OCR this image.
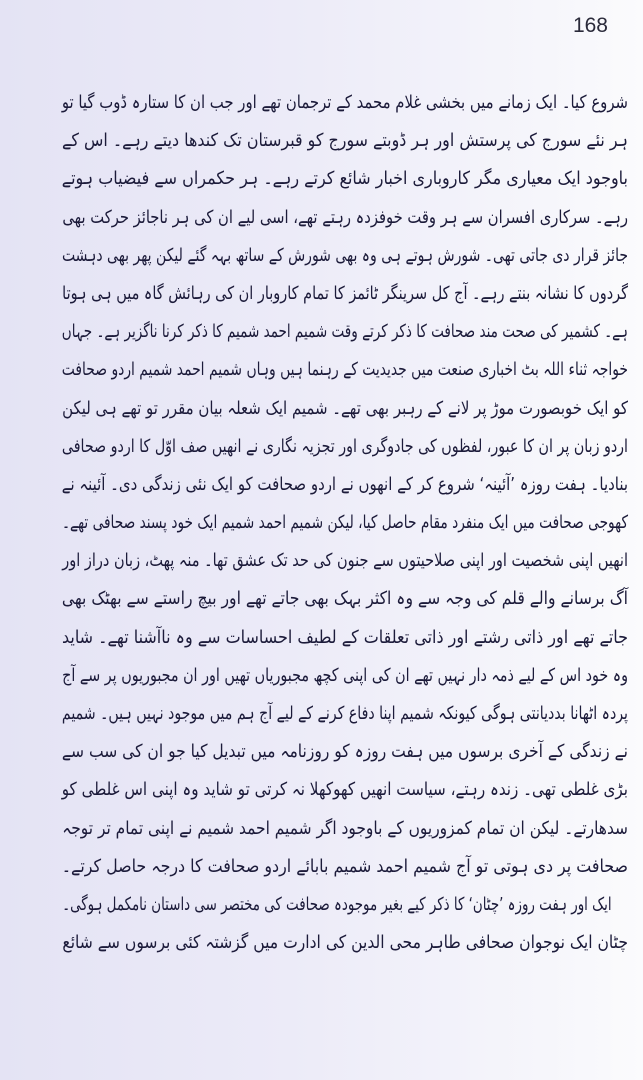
168
شروع کیا۔ ایک زمانے میں بخشی غلام محمد کے ترجمان تھے اور جب ان کا ستارہ ڈوب گیا تو
ہر نئے سورج کی پرستش اور ہر ڈوبتے سورج کو قبرستان تک کندھا دیتے رہے۔ اس کے
باوجود ایک معیاری مگر کاروباری اخبار شائع کرتے رہے۔ ہر حکمراں سے فیضیاب ہوتے
رہے۔ سرکاری افسران سے ہر وقت خوفزدہ رہتے تھے، اسی لیے ان کی ہر ناجائز حرکت بھی
جائز قرار دی جاتی تھی۔ شورش ہوتے ہی وہ بھی شورش کے ساتھ بہہ گئے لیکن پھر بھی دہشت
گردوں کا نشانہ بنتے رہے۔ آج کل سرینگر ٹائمز کا تمام کاروبار ان کی رہائش گاہ میں ہی ہوتا
ہے۔ کشمیر کی صحت مند صحافت کا ذکر کرتے وقت شمیم احمد شمیم کا ذکر کرنا ناگزیر ہے۔ جہاں
خواجہ ثناء اللہ بٹ اخباری صنعت میں جدیدیت کے رہنما ہیں وہاں شمیم احمد شمیم اردو صحافت
کو ایک خوبصورت موڑ پر لانے کے رہبر بھی تھے۔ شمیم ایک شعلہ بیان مقرر تو تھے ہی لیکن
اردو زبان پر ان کا عبور، لفظوں کی جادوگری اور تجزیہ نگاری نے انھیں صف اوّل کا اردو صحافی
بنادیا۔ ہفت روزہ ’آئینہ‘ شروع کر کے انھوں نے اردو صحافت کو ایک نئی زندگی دی۔ آئینہ نے
کھوجی صحافت میں ایک منفرد مقام حاصل کیا، لیکن شمیم احمد شمیم ایک خود پسند صحافی تھے۔
انھیں اپنی شخصیت اور اپنی صلاحیتوں سے جنون کی حد تک عشق تھا۔ منہ پھٹ، زبان دراز اور
آگ برسانے والے قلم کی وجہ سے وہ اکثر بہک بھی جاتے تھے اور بیچ راستے سے بھٹک بھی
جاتے تھے اور ذاتی رشتے اور ذاتی تعلقات کے لطیف احساسات سے وہ ناآشنا تھے۔ شاید
وہ خود اس کے لیے ذمہ دار نہیں تھے ان کی اپنی کچھ مجبوریاں تھیں اور ان مجبوریوں پر سے آج
پردہ اٹھانا بددیانتی ہوگی کیونکہ شمیم اپنا دفاع کرنے کے لیے آج ہم میں موجود نہیں ہیں۔ شمیم
نے زندگی کے آخری برسوں میں ہفت روزہ کو روزنامہ میں تبدیل کیا جو ان کی سب سے
بڑی غلطی تھی۔ زندہ رہتے، سیاست انھیں کھوکھلا نہ کرتی تو شاید وہ اپنی اس غلطی کو
سدھارتے۔ لیکن ان تمام کمزوریوں کے باوجود اگر شمیم احمد شمیم نے اپنی تمام تر توجہ
صحافت پر دی ہوتی تو آج شمیم احمد شمیم بابائے اردو صحافت کا درجہ حاصل کرتے۔
ایک اور ہفت روزہ ’چٹان‘ کا ذکر کیے بغیر موجودہ صحافت کی مختصر سی داستان نامکمل ہوگی۔
چٹان ایک نوجوان صحافی طاہر محی الدین کی ادارت میں گزشتہ کئی برسوں سے شائع
